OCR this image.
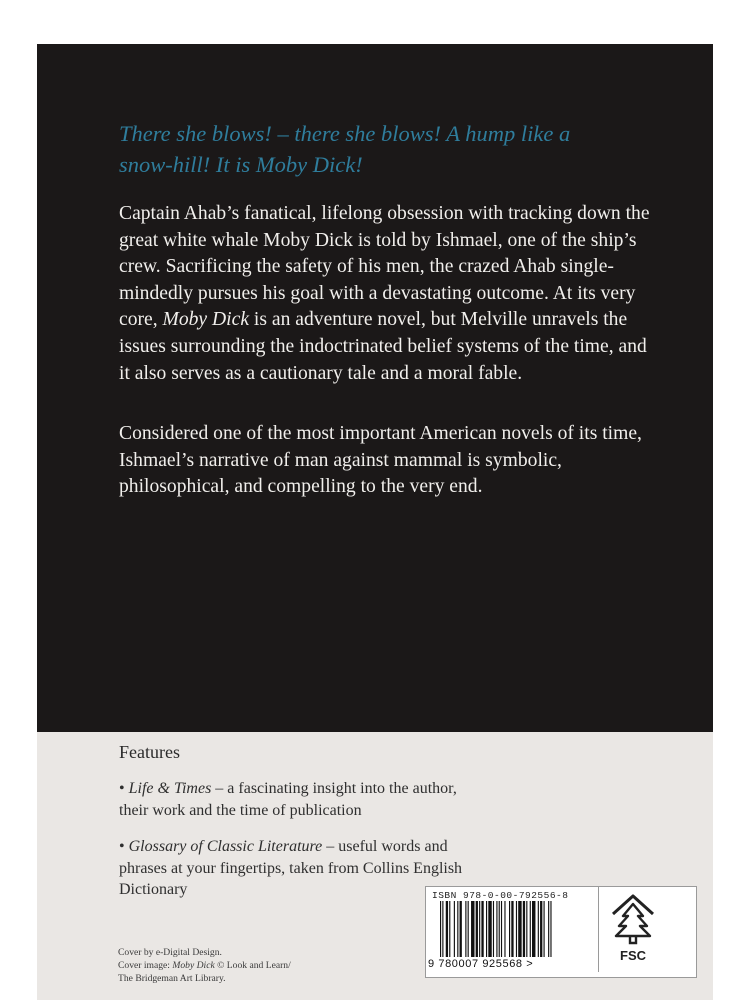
There she blows! – there she blows! A hump like a
snow-hill! It is Moby Dick!

Captain Ahab’s fanatical, lifelong obsession with tracking down the great white whale Moby Dick is told by Ishmael, one of the ship’s crew. Sacrificing the safety of his men, the crazed Ahab single-mindedly pursues his goal with a devastating outcome. At its very core, Moby Dick is an adventure novel, but Melville unravels the issues surrounding the indoctrinated belief systems of the time, and it also serves as a cautionary tale and a moral fable.

Considered one of the most important American novels of its time, Ishmael’s narrative of man against mammal is symbolic, philosophical, and compelling to the very end.

Features

• Life & Times – a fascinating insight into the author, their work and the time of publication

• Glossary of Classic Literature – useful words and phrases at your fingertips, taken from Collins English Dictionary

Cover by e-Digital Design.
Cover image: Moby Dick © Look and Learn/
The Bridgeman Art Library.

ISBN 978-0-00-792556-8
9 780007 925568 >
FSC
